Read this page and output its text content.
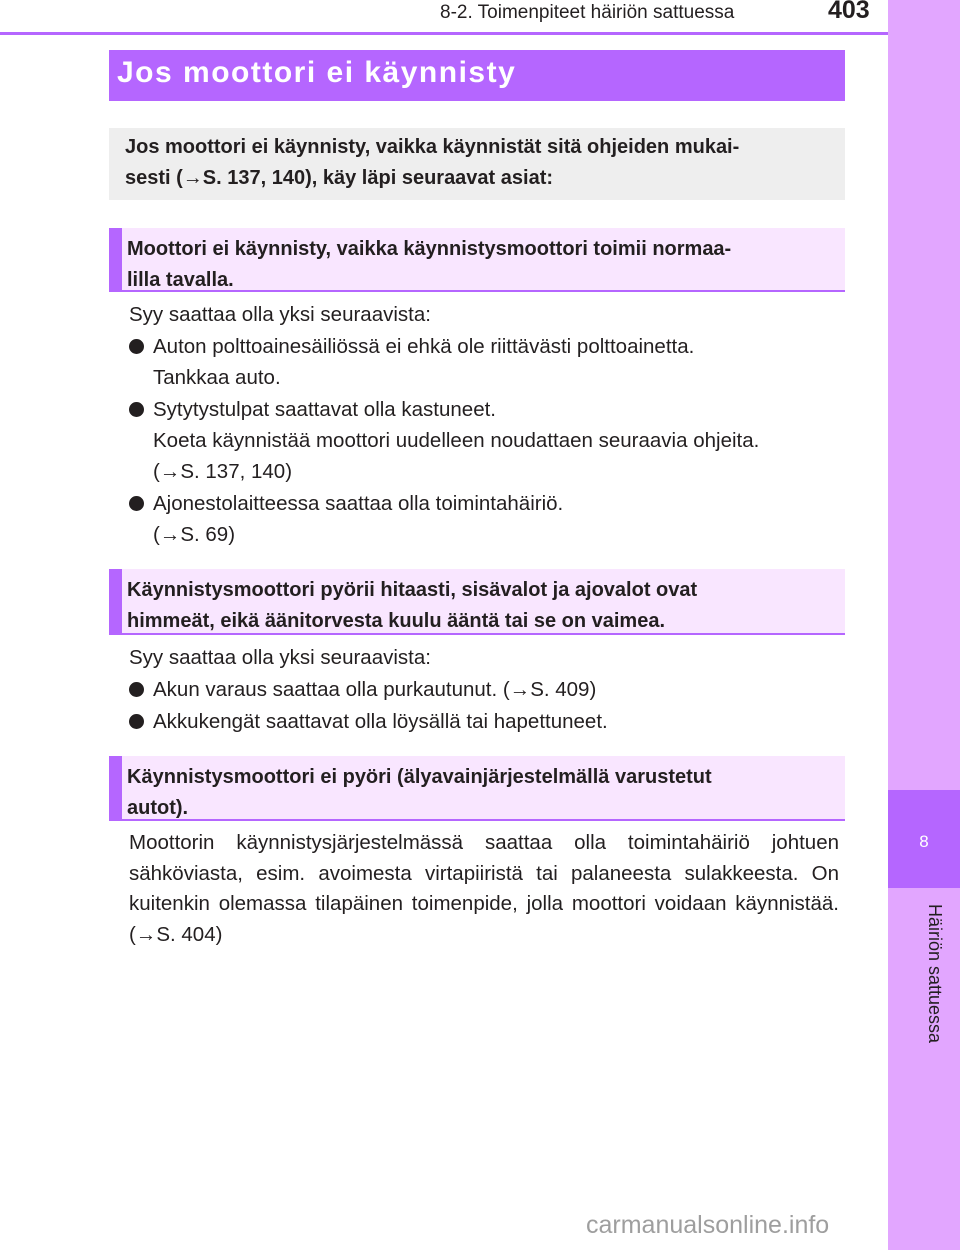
8-2. Toimenpiteet häiriön sattuessa	403
8
Häiriön sattuessa
Jos moottori ei käynnisty
Jos moottori ei käynnisty, vaikka käynnistät sitä ohjeiden mukai-
sesti (→S. 137, 140), käy läpi seuraavat asiat:
Moottori ei käynnisty, vaikka käynnistysmoottori toimii normaa-
lilla tavalla.
Syy saattaa olla yksi seuraavista:
Auton polttoainesäiliössä ei ehkä ole riittävästi polttoainetta.
Tankkaa auto.
Sytytystulpat saattavat olla kastuneet.
Koeta käynnistää moottori uudelleen noudattaen seuraavia ohjeita.
(→S. 137, 140)
Ajonestolaitteessa saattaa olla toimintahäiriö.
(→S. 69)
Käynnistysmoottori pyörii hitaasti, sisävalot ja ajovalot ovat
himmeät, eikä äänitorvesta kuulu ääntä tai se on vaimea.
Syy saattaa olla yksi seuraavista:
Akun varaus saattaa olla purkautunut. (→S. 409)
Akkukengät saattavat olla löysällä tai hapettuneet.
Käynnistysmoottori ei pyöri (älyavainjärjestelmällä varustetut
autot).
Moottorin käynnistysjärjestelmässä saattaa olla toimintahäiriö johtuen sähköviasta, esim. avoimesta virtapiiristä tai palaneesta sulakkeesta. On kuitenkin olemassa tilapäinen toimenpide, jolla moottori voidaan käynnistää. (→S. 404)
carmanualsonline.info
